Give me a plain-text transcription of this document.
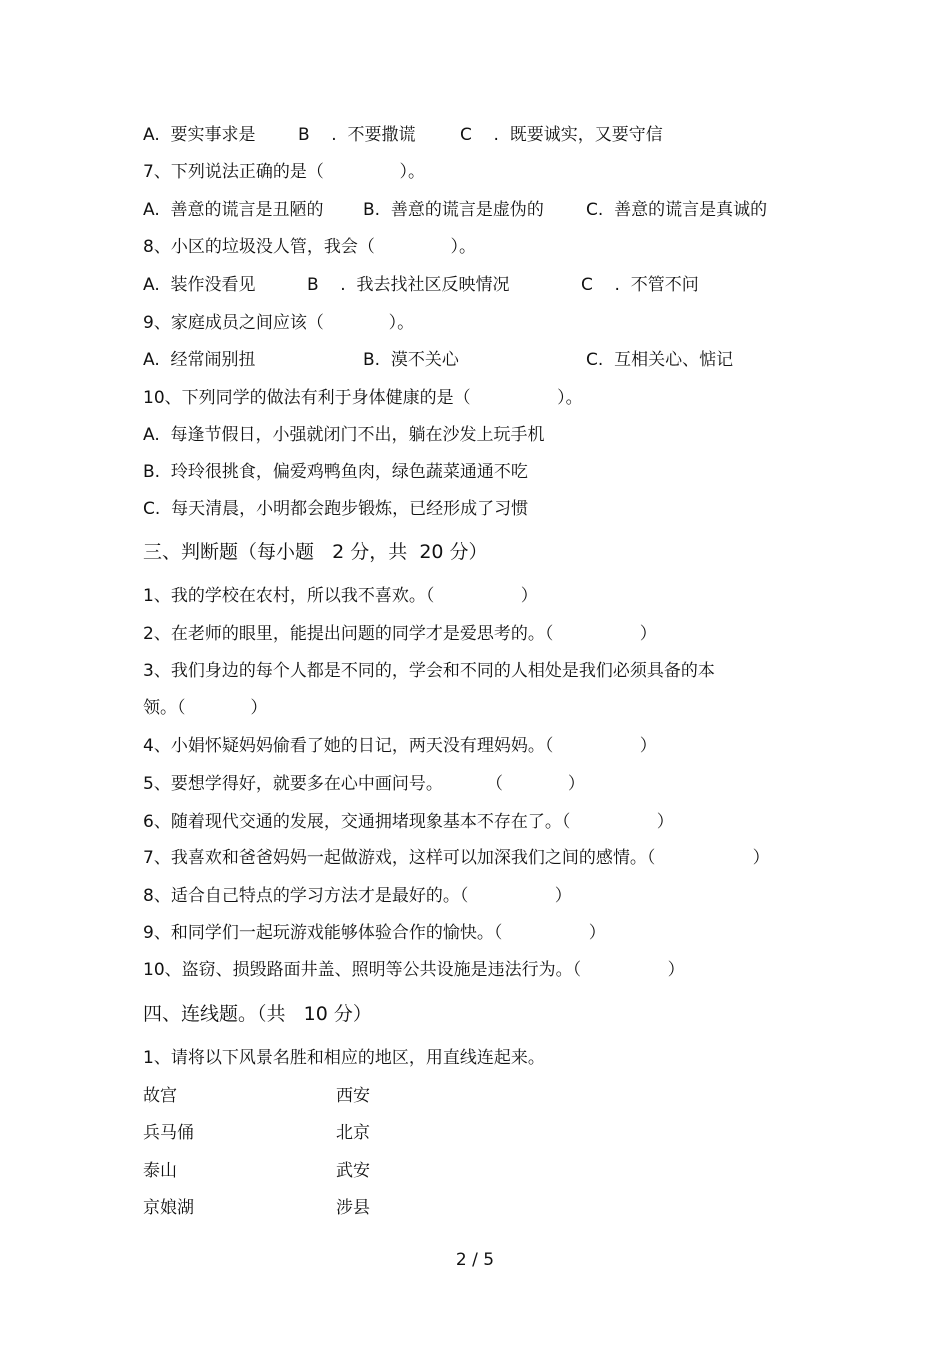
A.  要实事求是

B    .  不要撒谎

	C    .  既要诚实，又要守信

7、下列说法正确的是（              ）。

A.  善意的谎言是丑陋的

B.  善意的谎言是虚伪的

C.  善意的谎言是真诚的

8、小区的垃圾没人管，我会（              ）。

A.  装作没看见

	B    .  我去找社区反映情况

	C    .  不管不问

9、家庭成员之间应该（            ）。

A.  经常闹别扭

	B.  漠不关心

	C.  互相关心、惦记

10、下列同学的做法有利于身体健康的是（                ）。
A.  每逢节假日，小强就闭门不出，躺在沙发上玩手机
B.  玲玲很挑食，偏爱鸡鸭鱼肉，绿色蔬菜通通不吃
C.  每天清晨，小明都会跑步锻炼，已经形成了习惯
三、判断题（每小题   2 分，共  20 分）
1、我的学校在农村，所以我不喜欢。（                ）
2、在老师的眼里，能提出问题的同学才是爱思考的。（                ）
3、我们身边的每个人都是不同的，学会和不同的人相处是我们必须具备的本
领。（            ）
4、小娟怀疑妈妈偷看了她的日记，两天没有理妈妈。（                ）
5、要想学得好，就要多在心中画问号。        （            ）
6、随着现代交通的发展，交通拥堵现象基本不存在了。（                ）
7、我喜欢和爸爸妈妈一起做游戏，这样可以加深我们之间的感情。（                  ）
8、适合自己特点的学习方法才是最好的。（                ）
9、和同学们一起玩游戏能够体验合作的愉快。（                ）
10、盗窃、损毁路面井盖、照明等公共设施是违法行为。（                ）
四、连线题。（共   10 分）
1、请将以下风景名胜和相应的地区，用直线连起来。
故宫	西安
兵马俑	北京
泰山	武安
京娘湖	涉县
2 / 5
